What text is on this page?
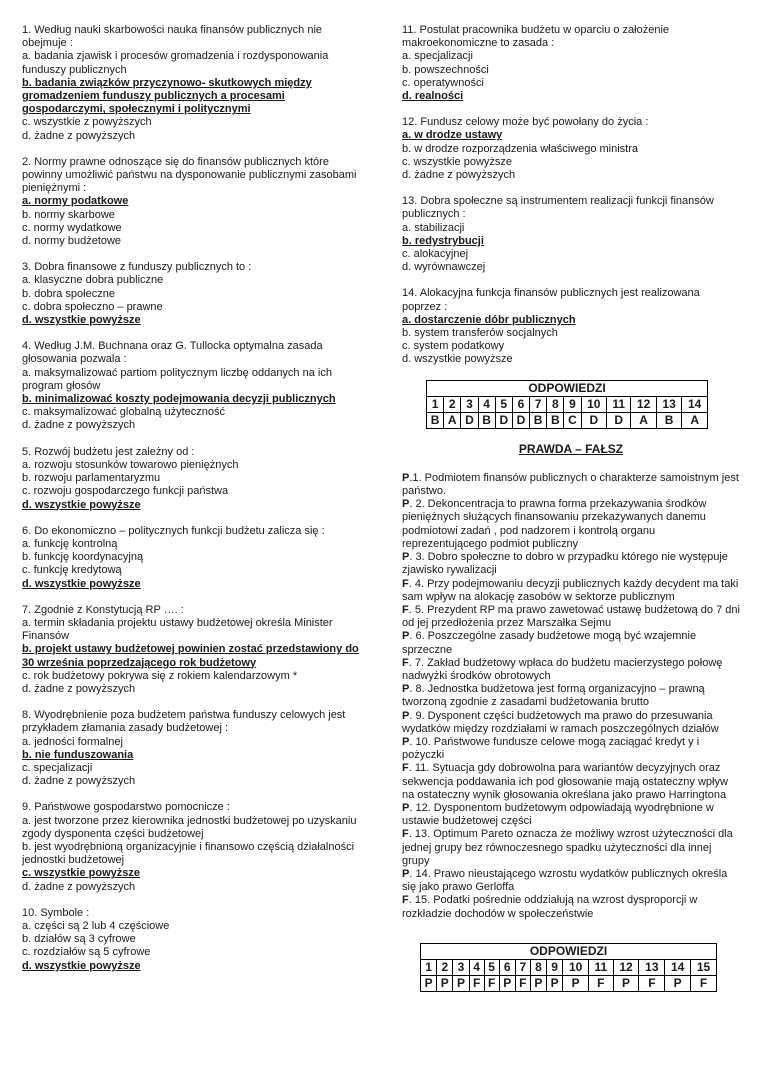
1. Według nauki skarbowości nauka finansów publicznych nie obejmuje :

a. badania zjawisk i procesów gromadzenia i rozdysponowania funduszy publicznych

b. badania związków przyczynowo- skutkowych między gromadzeniem funduszy publicznych a procesami gospodarczymi, społecznymi i politycznymi

c. wszystkie z powyższych

d. żadne z powyższych

2. Normy prawne odnoszące się do finansów publicznych które powinny umożliwić państwu na dysponowanie publicznymi zasobami pieniężnymi :

a. normy podatkowe

b. normy skarbowe

c. normy wydatkowe

d. normy budżetowe

3. Dobra finansowe z funduszy publicznych to :

a. klasyczne dobra publiczne

b. dobra społeczne

c. dobra społeczno – prawne

d. wszystkie powyższe

4. Według J.M. Buchnana oraz G. Tullocka optymalna zasada głosowania pozwala :

a. maksymalizować partiom politycznym liczbę oddanych na ich program głosów

b. minimalizować koszty podejmowania decyzji publicznych

c. maksymalizować globalną użyteczność

d. żadne z powyższych

5. Rozwój budżetu jest zależny od :

a. rozwoju stosunków towarowo pieniężnych

b. rozwoju parlamentaryzmu

c. rozwoju gospodarczego funkcji państwa

d. wszystkie powyższe

6. Do ekonomiczno – politycznych funkcji budżetu zalicza się :

a. funkcję kontrolną

b. funkcję koordynacyjną

c. funkcję kredytową

d. wszystkie powyższe

7. Zgodnie z Konstytucją RP …. :

a. termin składania projektu ustawy budżetowej określa Minister Finansów

b. projekt ustawy budżetowej powinien zostać przedstawiony do 30 września poprzedzającego rok budżetowy

c. rok budżetowy pokrywa się z rokiem kalendarzowym *

d. żadne z powyższych

8. Wyodrębnienie poza budżetem państwa funduszy celowych jest przykładem złamania zasady budżetowej :

a. jedności formalnej

b. nie funduszowania

c. specjalizacji

d. żadne z powyższych

9. Państwowe gospodarstwo pomocnicze :

a. jest tworzone przez kierownika jednostki budżetowej po uzyskaniu zgody dysponenta części budżetowej

b. jest wyodrębnioną organizacyjnie i finansowo częścią działalności jednostki budżetowej

c. wszystkie powyższe

d. żadne z powyższych

10. Symbole :

a. części są 2 lub 4 częściowe

b. działów są 3 cyfrowe

c. rozdziałów są 5 cyfrowe

d. wszystkie powyższe

11. Postulat pracownika budżetu w oparciu o założenie makroekonomiczne to zasada :

a. specjalizacji

b. powszechności

c. operatywności

d. realności

12. Fundusz celowy może być powołany do życia :

a. w drodze ustawy

b. w drodze rozporządzenia właściwego ministra

c. wszystkie powyższe

d. żadne z powyższych

13. Dobra społeczne są instrumentem realizacji funkcji finansów publicznych :

a. stabilizacji

b. redystrybucji

c. alokacyjnej

d. wyrównawczej

14. Alokacyjna funkcja finansów publicznych jest realizowana poprzez :

a. dostarczenie dóbr publicznych

b. system transferów socjalnych

c. system podatkowy

d. wszystkie powyższe

ODPOWIEDZI													
1	2	3	4	5	6	7	8	9	10	11	12	13	14
B	A	D	B	D	D	B	B	C	D	D	A	B	A
PRAWDA – FAŁSZ

P.1. Podmiotem finansów publicznych o charakterze samoistnym jest państwo.

P. 2. Dekoncentracja to prawna forma przekazywania środków pieniężnych służących finansowaniu przekazywanych danemu podmiotowi zadań , pod nadzorem i kontrolą organu reprezentującego podmiot publiczny

P. 3. Dobro społeczne to dobro w przypadku którego nie występuje zjawisko rywalizacji

F. 4. Przy podejmowaniu decyzji publicznych każdy decydent ma taki sam wpływ na alokację zasobów w sektorze publicznym

F. 5. Prezydent RP ma prawo zawetować ustawę budżetową do 7 dni od jej przedłożenia przez Marszałka Sejmu

P. 6. Poszczególne zasady budżetowe mogą być wzajemnie sprzeczne

F. 7. Zakład budżetowy wpłaca do budżetu macierzystego połowę nadwyżki środków obrotowych

P. 8. Jednostka budżetowa jest formą organizacyjno – prawną tworzoną zgodnie z zasadami budżetowania brutto

P. 9. Dysponent części budżetowych ma prawo do przesuwania wydatków między rozdziałami w ramach poszczególnych działów

P. 10. Państwowe fundusze celowe mogą zaciągać kredyt y i pożyczki

F. 11. Sytuacja gdy dobrowolna para wariantów decyzyjnych oraz sekwencja poddawania ich pod głosowanie mają ostateczny wpływ na ostateczny wynik głosowania określana jako prawo Harringtona

P. 12. Dysponentom budżetowym odpowiadają wyodrębnione w ustawie budżetowej części

F. 13. Optimum Pareto oznacza że możliwy wzrost użyteczności dla jednej grupy bez równoczesnego spadku użyteczności dla innej grupy

P. 14. Prawo nieustającego wzrostu wydatków publicznych określa się jako prawo Gerloffa

F. 15. Podatki pośrednie oddziałują na wzrost dysproporcji w rozkładzie dochodów w społeczeństwie

ODPOWIEDZI														
1	2	3	4	5	6	7	8	9	10	11	12	13	14	15
P	P	P	F	F	P	F	P	P	P	F	P	F	P	F
